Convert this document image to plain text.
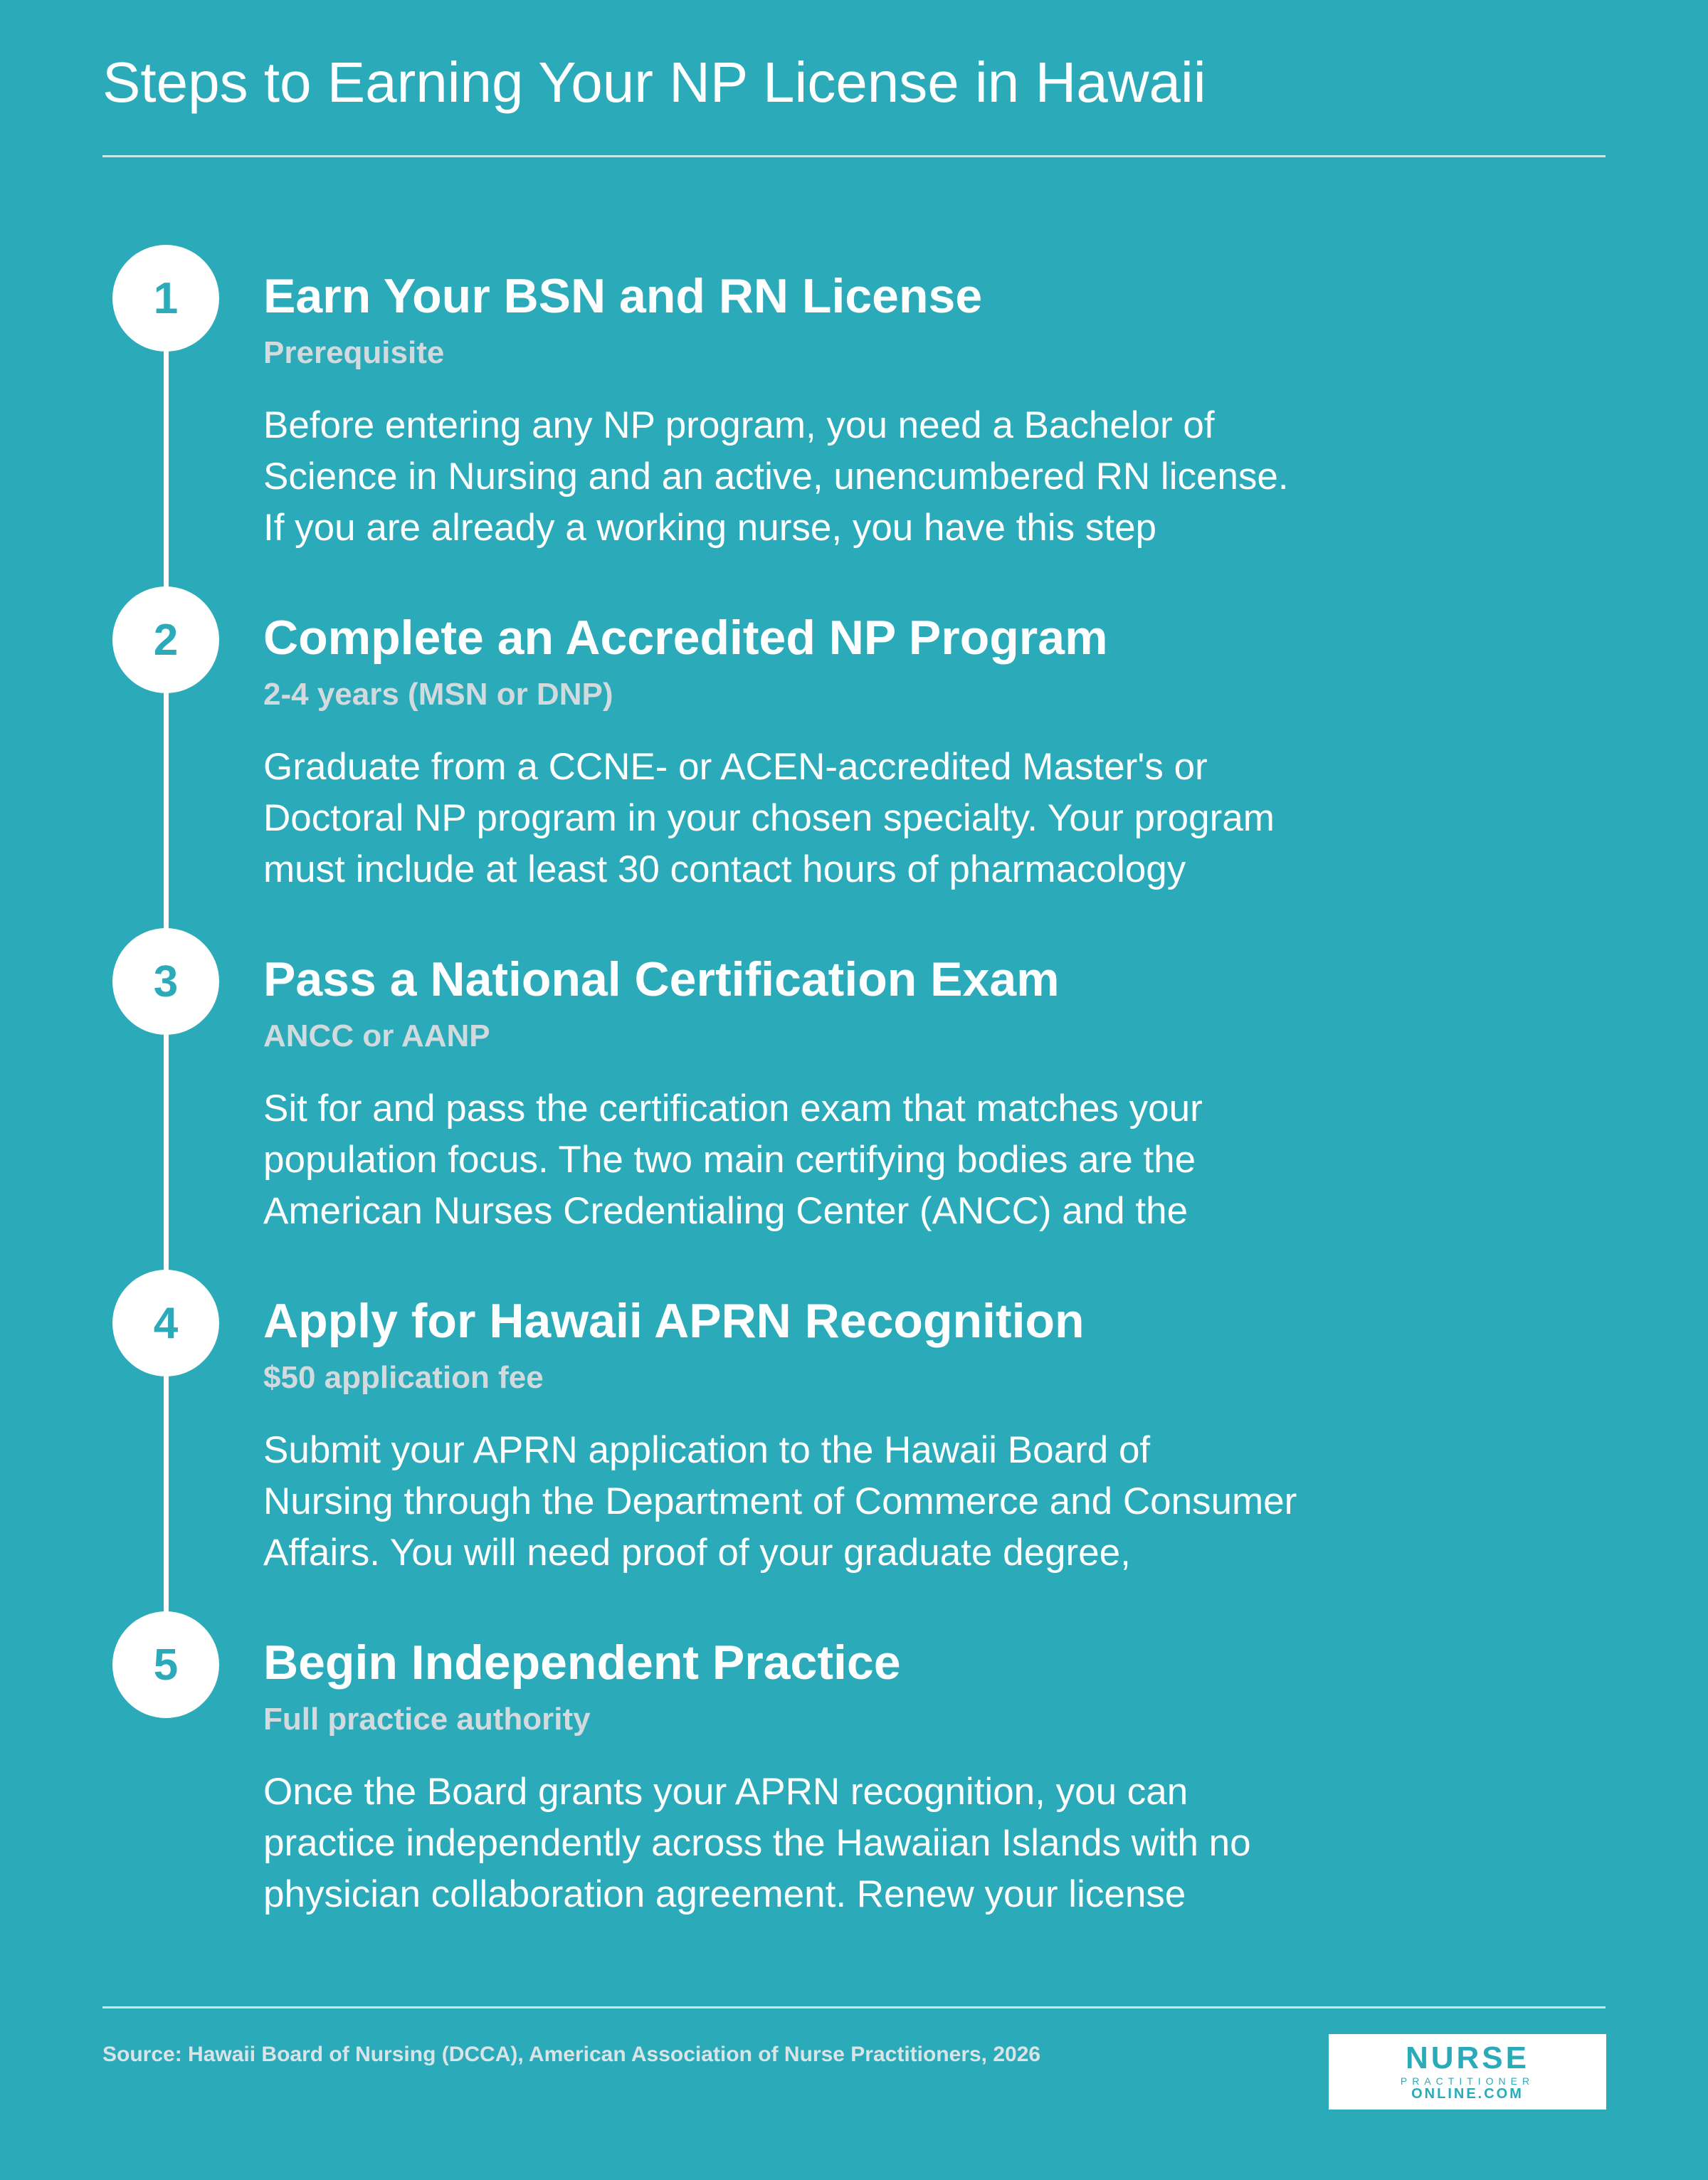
Steps to Earning Your NP License in Hawaii
1	Earn Your BSN and RN License
Prerequisite

Before entering any NP program, you need a Bachelor of
Science in Nursing and an active, unencumbered RN license.
If you are already a working nurse, you have this step

2	Complete an Accredited NP Program
2-4 years (MSN or DNP)

Graduate from a CCNE- or ACEN-accredited Master's or
Doctoral NP program in your chosen specialty. Your program
must include at least 30 contact hours of pharmacology

3	Pass a National Certification Exam
ANCC or AANP

Sit for and pass the certification exam that matches your
population focus. The two main certifying bodies are the
American Nurses Credentialing Center (ANCC) and the

4	Apply for Hawaii APRN Recognition
$50 application fee

Submit your APRN application to the Hawaii Board of
Nursing through the Department of Commerce and Consumer
Affairs. You will need proof of your graduate degree,

5	Begin Independent Practice
Full practice authority

Once the Board grants your APRN recognition, you can
practice independently across the Hawaiian Islands with no
physician collaboration agreement. Renew your license

Source: Hawaii Board of Nursing (DCCA), American Association of Nurse Practitioners, 2026	NURSE
PRACTITIONER
ONLINE.COM
